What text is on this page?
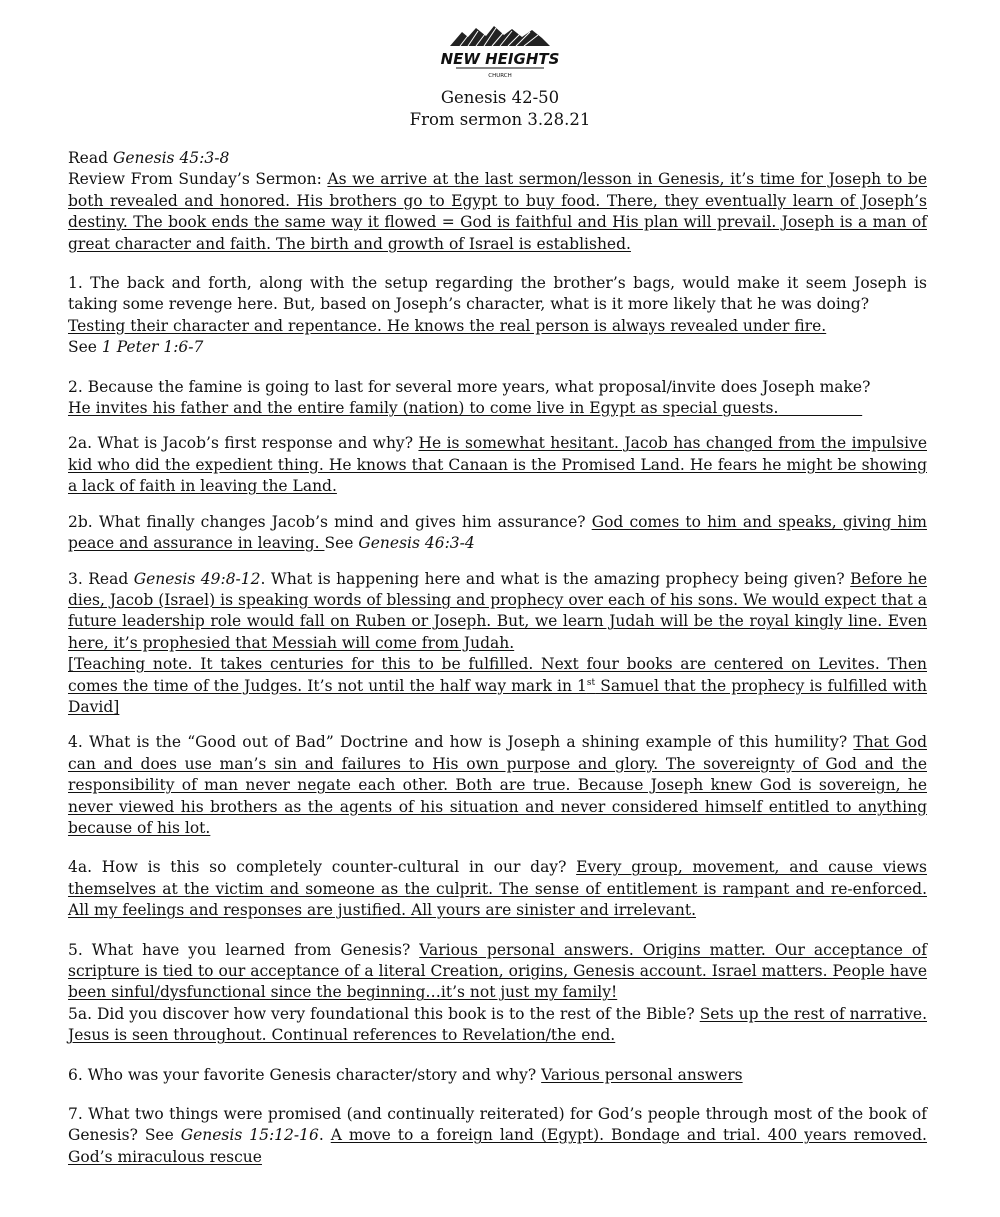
NEW HEIGHTS
CHURCH
Genesis 42-50
From sermon 3.28.21

Read Genesis 45:3-8

Review From Sunday’s Sermon: As we arrive at the last sermon/lesson in Genesis, it’s time for Joseph to be both revealed and honored. His brothers go to Egypt to buy food. There, they eventually learn of Joseph’s destiny. The book ends the same way it flowed = God is faithful and His plan will prevail. Joseph is a man of great character and faith. The birth and growth of Israel is established.

1. The back and forth, along with the setup regarding the brother’s bags, would make it seem Joseph is taking some revenge here. But, based on Joseph’s character, what is it more likely that he was doing?
Testing their character and repentance. He knows the real person is always revealed under fire.
See 1 Peter 1:6-7

2. Because the famine is going to last for several more years, what proposal/invite does Joseph make?
He invites his father and the entire family (nation) to come live in Egypt as special guests.

2a. What is Jacob’s first response and why? He is somewhat hesitant. Jacob has changed from the impulsive kid who did the expedient thing. He knows that Canaan is the Promised Land. He fears he might be showing a lack of faith in leaving the Land.

2b. What finally changes Jacob’s mind and gives him assurance? God comes to him and speaks, giving him peace and assurance in leaving. See Genesis 46:3-4

3. Read Genesis 49:8-12. What is happening here and what is the amazing prophecy being given? Before he dies, Jacob (Israel) is speaking words of blessing and prophecy over each of his sons. We would expect that a future leadership role would fall on Ruben or Joseph. But, we learn Judah will be the royal kingly line. Even here, it’s prophesied that Messiah will come from Judah.

[Teaching note. It takes centuries for this to be fulfilled. Next four books are centered on Levites. Then comes the time of the Judges. It’s not until the half way mark in 1st Samuel that the prophecy is fulfilled with David]

4. What is the “Good out of Bad” Doctrine and how is Joseph a shining example of this humility? That God can and does use man’s sin and failures to His own purpose and glory. The sovereignty of God and the responsibility of man never negate each other. Both are true. Because Joseph knew God is sovereign, he never viewed his brothers as the agents of his situation and never considered himself entitled to anything because of his lot.

4a. How is this so completely counter-cultural in our day? Every group, movement, and cause views themselves at the victim and someone as the culprit. The sense of entitlement is rampant and re-enforced. All my feelings and responses are justified. All yours are sinister and irrelevant.

5. What have you learned from Genesis? Various personal answers. Origins matter. Our acceptance of scripture is tied to our acceptance of a literal Creation, origins, Genesis account. Israel matters. People have been sinful/dysfunctional since the beginning…it’s not just my family!

5a. Did you discover how very foundational this book is to the rest of the Bible? Sets up the rest of narrative. Jesus is seen throughout. Continual references to Revelation/the end.

6. Who was your favorite Genesis character/story and why? Various personal answers

7. What two things were promised (and continually reiterated) for God’s people through most of the book of Genesis? See Genesis 15:12-16. A move to a foreign land (Egypt). Bondage and trial. 400 years removed. God’s miraculous rescue
